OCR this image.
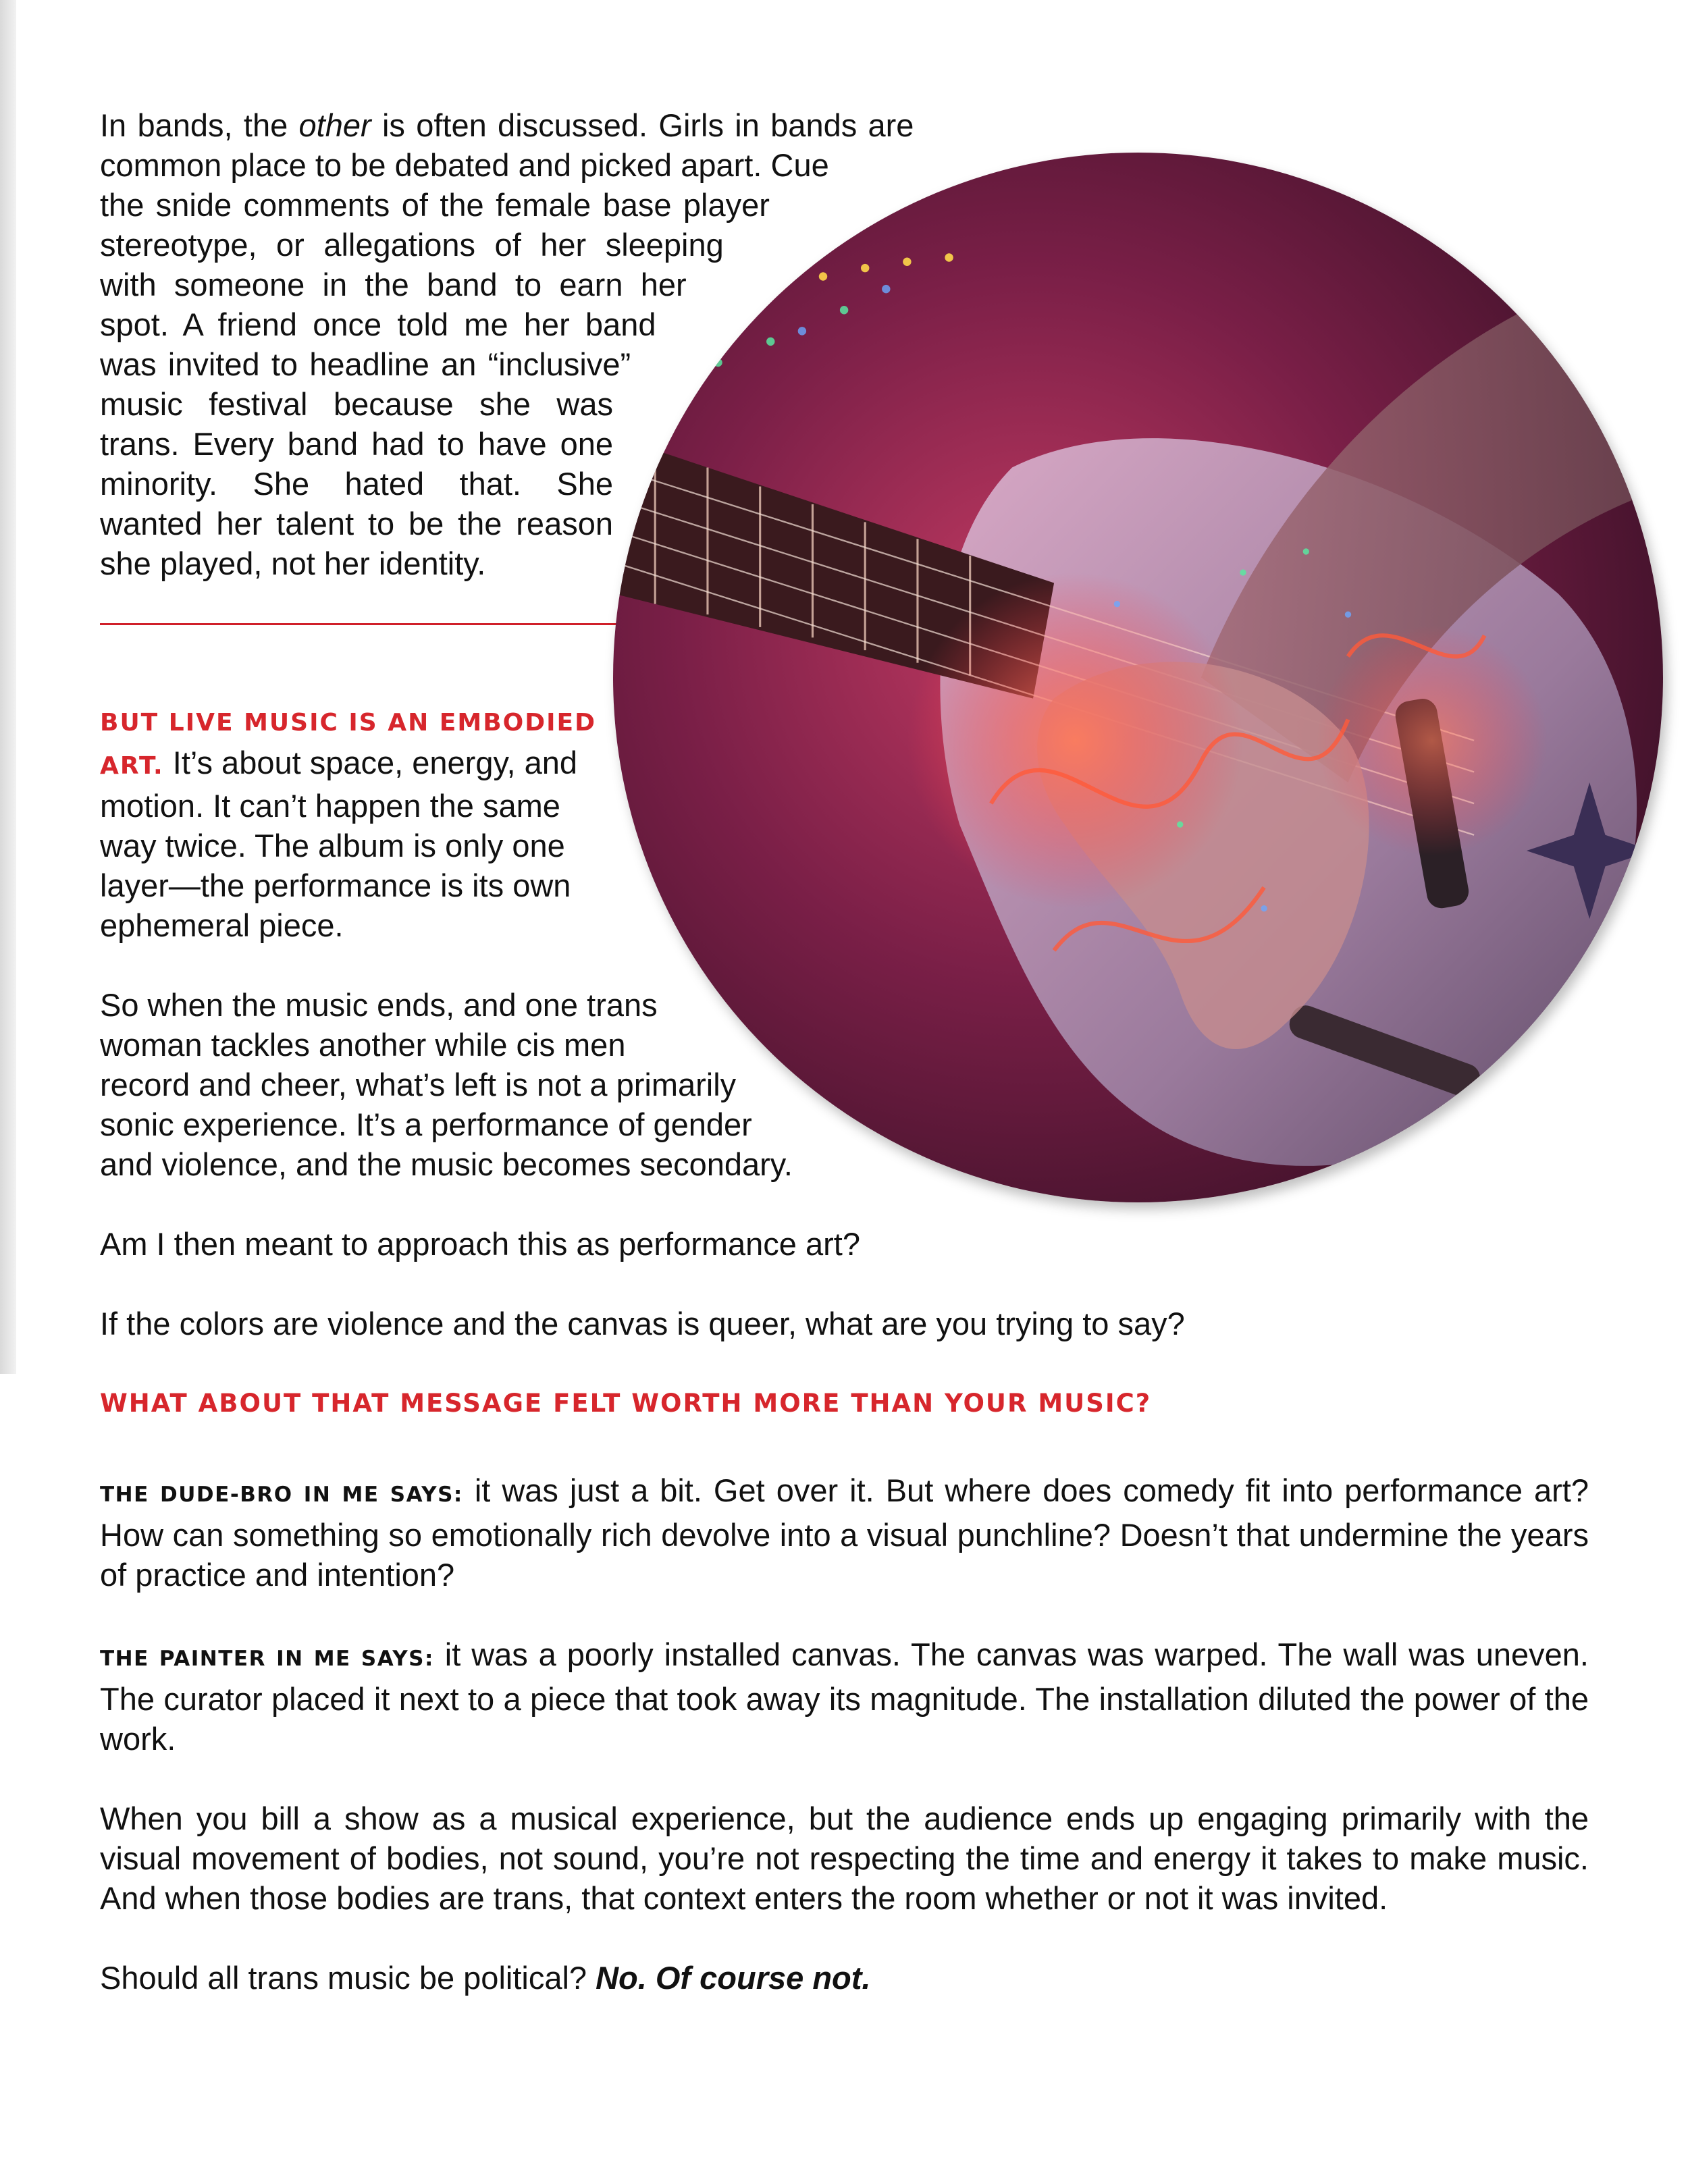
In bands, the other is often discussed. Girls in bands are common place to be debated and picked apart. Cue the snide comments of the female base player stereotype, or allegations of her sleeping with someone in the band to earn her spot. A friend once told me her band was invited to headline an “inclusive” music festival because she was trans. Every band had to have one minority. She hated that. She wanted her talent to be the reason she played, not her identity.

BUT LIVE MUSIC IS AN EMBODIED ART. It’s about space, energy, and motion. It can’t happen the same way twice. The album is only one layer—the performance is its own ephemeral piece.

So when the music ends, and one trans woman tackles another while cis men record and cheer, what’s left is not a primarily sonic experience. It’s a performance of gender and violence, and the music becomes secondary.

Am I then meant to approach this as performance art?

If the colors are violence and the canvas is queer, what are you trying to say?

WHAT ABOUT THAT MESSAGE FELT WORTH MORE THAN YOUR MUSIC?

THE DUDE-BRO IN ME SAYS: it was just a bit. Get over it. But where does comedy fit into performance art? How can something so emotionally rich devolve into a visual punchline? Doesn’t that undermine the years of practice and intention?

THE PAINTER IN ME SAYS: it was a poorly installed canvas. The canvas was warped. The wall was uneven. The curator placed it next to a piece that took away its magnitude. The installation diluted the power of the work.

When you bill a show as a musical experience, but the audience ends up engaging primarily with the visual movement of bodies, not sound, you’re not respecting the time and energy it takes to make music. And when those bodies are trans, that context enters the room whether or not it was invited.

Should all trans music be political? No. Of course not.
